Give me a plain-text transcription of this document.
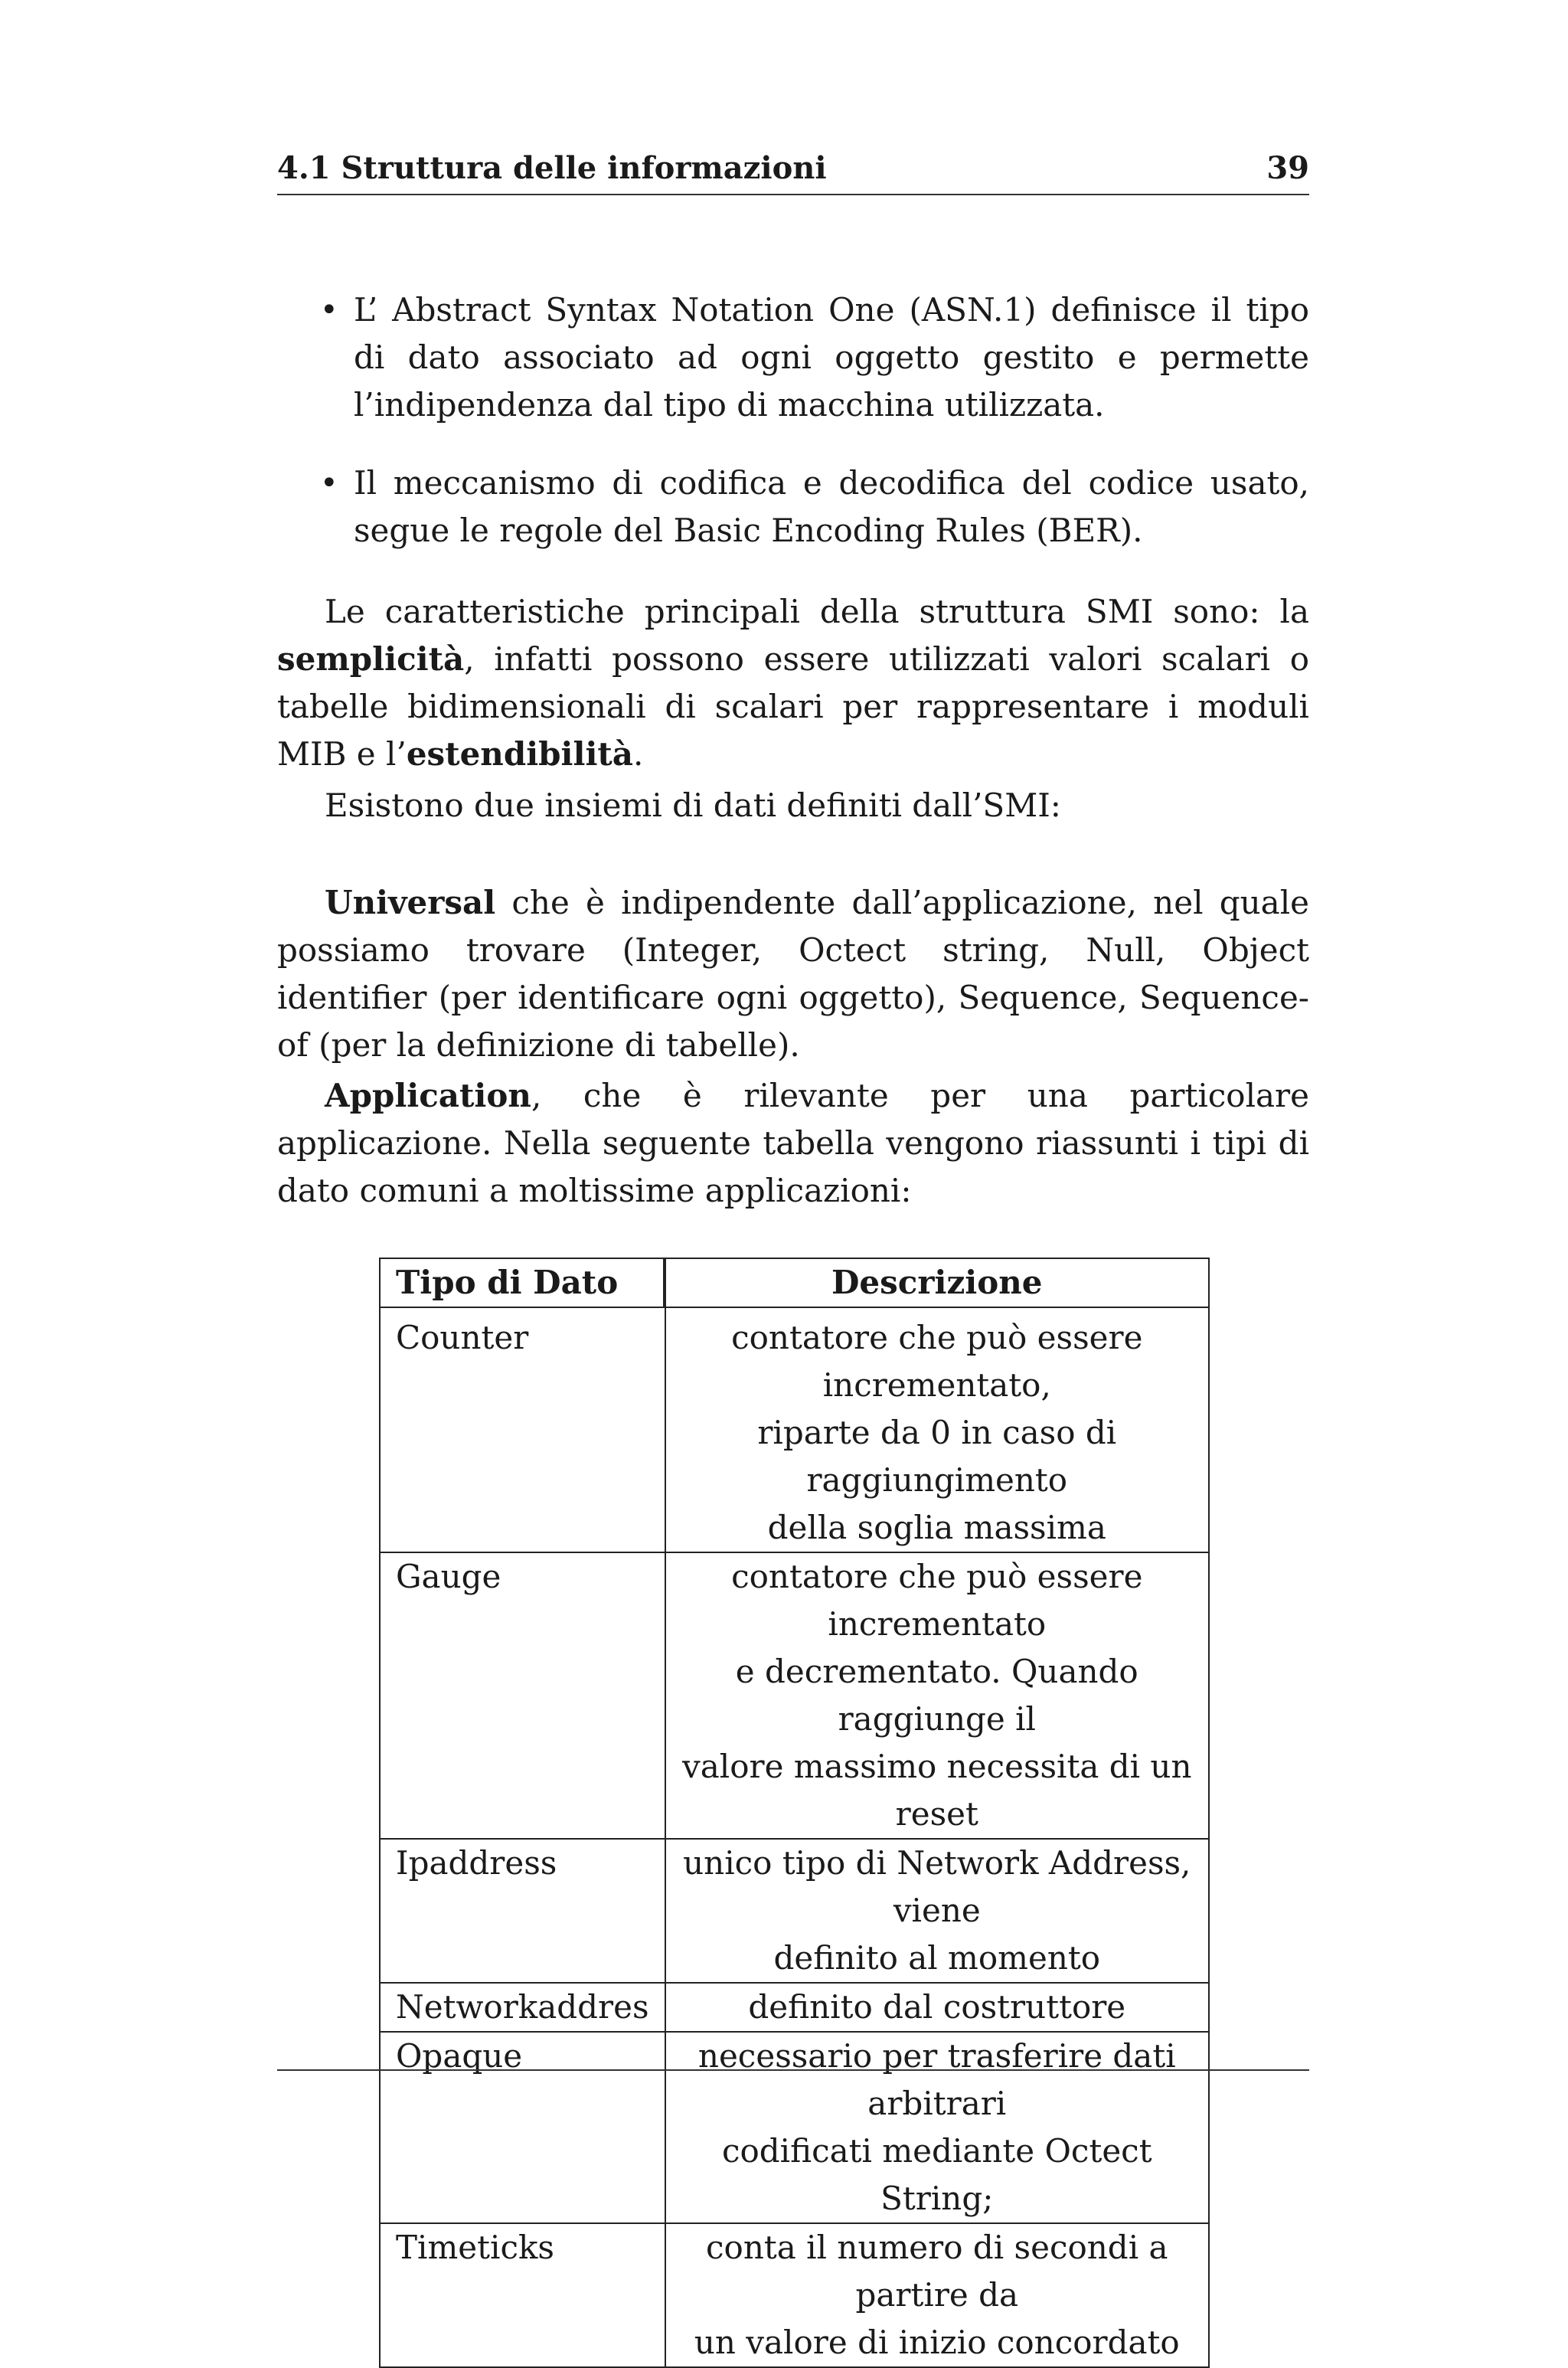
4.1 Struttura delle informazioni	39
• L’ Abstract Syntax Notation One (ASN.1) definisce il tipo di dato associato ad ogni oggetto gestito e permette l’indipendenza dal tipo di macchina utilizzata.
• Il meccanismo di codifica e decodifica del codice usato, segue le regole del Basic Encoding Rules (BER).
Le caratteristiche principali della struttura SMI sono: la semplicità, infatti possono essere utilizzati valori scalari o tabelle bidimensionali di scalari per rappresentare i moduli MIB e l’estendibilità.
Esistono due insiemi di dati definiti dall’SMI:
Universal che è indipendente dall’applicazione, nel quale possiamo trovare (Integer, Octect string, Null, Object identifier (per identificare ogni oggetto), Sequence, Sequence-of (per la definizione di tabelle).
Application, che è rilevante per una particolare applicazione. Nella seguente tabella vengono riassunti i tipi di dato comuni a moltissime applicazioni:
Tipo di Dato	Descrizione

Counter	contatore che può essere incrementato,
riparte da 0 in caso di raggiungimento
della soglia massima

Gauge	contatore che può essere incrementato
e decrementato. Quando raggiunge il
valore massimo necessita di un reset

Ipaddress	unico tipo di Network Address, viene
definito al momento

Networkaddres	definito dal costruttore

Opaque	necessario per trasferire dati arbitrari
codificati mediante Octect String;

Timeticks	conta il numero di secondi a partire da
un valore di inizio concordato
